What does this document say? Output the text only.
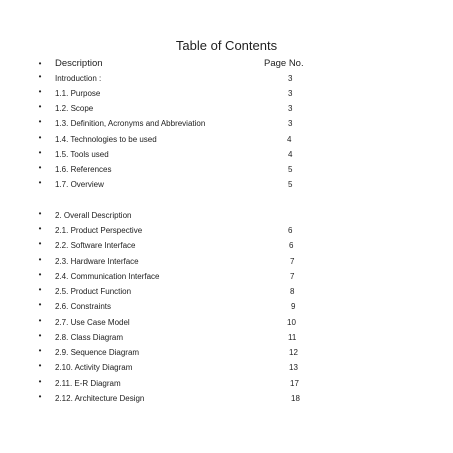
Table of Contents
• Description	Page No.
• Introduction :	3
• 1.1. Purpose	3
• 1.2. Scope	3
• 1.3. Definition, Acronyms and Abbreviation	3
• 1.4. Technologies to be used	4
• 1.5. Tools used	4
• 1.6. References	5
• 1.7. Overview	5
• 2. Overall Description
• 2.1. Product Perspective	6
• 2.2. Software Interface	6
• 2.3. Hardware Interface	7
• 2.4. Communication Interface	7
• 2.5. Product Function	8
• 2.6. Constraints	9
• 2.7. Use Case Model	10
• 2.8. Class Diagram	11
• 2.9. Sequence Diagram	12
• 2.10. Activity Diagram	13
• 2.11. E-R Diagram	17
• 2.12. Architecture Design	18
